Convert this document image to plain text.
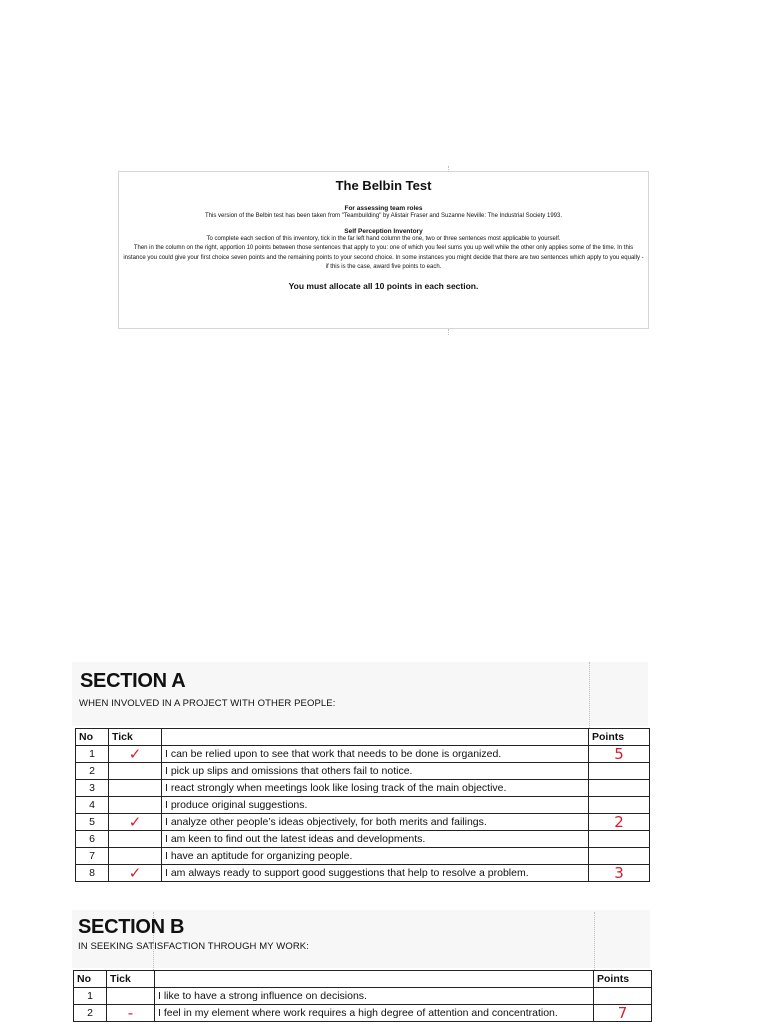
The Belbin Test
For assessing team roles
This version of the Belbin test has been taken from "Teambuilding" by Alistair Fraser and Suzanne Neville: The Industrial Society 1993.
Self Perception Inventory
To complete each section of this inventory, tick in the far left hand column the one, two or three sentences most applicable to yourself.
Then in the column on the right, apportion 10 points between those sentences that apply to you: one of which you feel sums you up well while the other only applies some of the time. In this instance you could give your first choice seven points and the remaining points to your second choice. In some instances you might decide that there are two sentences which apply to you equally - if this is the case, award five points to each.
You must allocate all 10 points in each section.
SECTION A
WHEN INVOLVED IN A PROJECT WITH OTHER PEOPLE:
No	Tick		Points
1	✓	I can be relied upon to see that work that needs to be done is organized.	5
2		I pick up slips and omissions that others fail to notice.	
3		I react strongly when meetings look like losing track of the main objective.	
4		I produce original suggestions.	
5	✓	I analyze other people’s ideas objectively, for both merits and failings.	2
6		I am keen to find out the latest ideas and developments.	
7		I have an aptitude for organizing people.	
8	✓	I am always ready to support good suggestions that help to resolve a problem.	3
SECTION B
IN SEEKING SATISFACTION THROUGH MY WORK:
No	Tick		Points
1		I like to have a strong influence on decisions.	
2	-	I feel in my element where work requires a high degree of attention and concentration.	7
